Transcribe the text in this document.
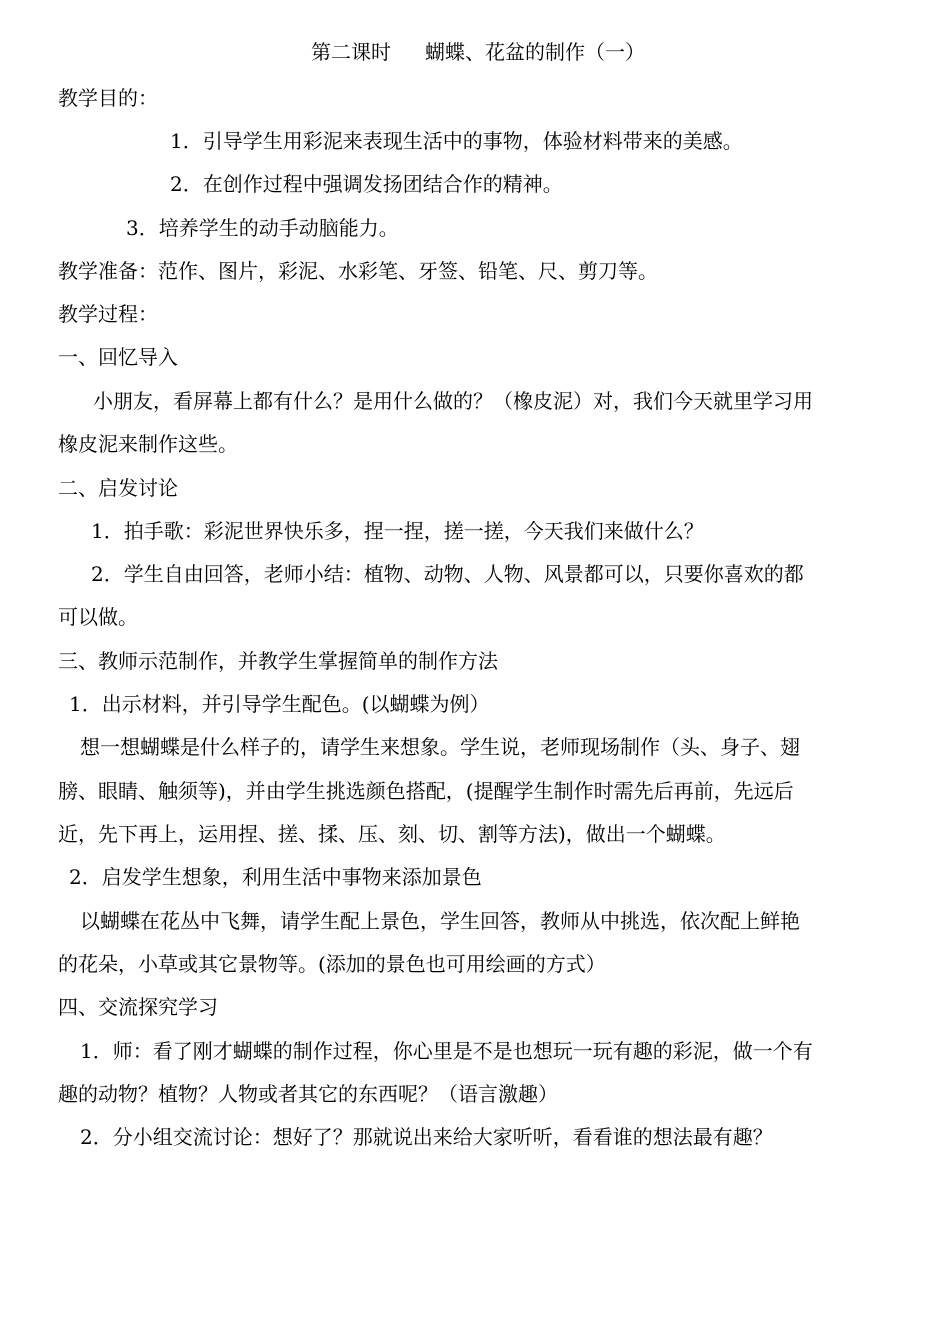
第二课时 蝴蝶、花盆的制作（一）
教学目的：
1．引导学生用彩泥来表现生活中的事物，体验材料带来的美感。
2．在创作过程中强调发扬团结合作的精神。
3．培养学生的动手动脑能力。
教学准备：范作、图片，彩泥、水彩笔、牙签、铅笔、尺、剪刀等。
教学过程：
一、回忆导入
小朋友，看屏幕上都有什么？是用什么做的？（橡皮泥）对，我们今天就里学习用
橡皮泥来制作这些。
二、启发讨论
1．拍手歌：彩泥世界快乐多，捏一捏，搓一搓，今天我们来做什么？
2．学生自由回答，老师小结：植物、动物、人物、风景都可以，只要你喜欢的都
可以做。
三、教师示范制作，并教学生掌握简单的制作方法
1．出示材料，并引导学生配色。(以蝴蝶为例）
想一想蝴蝶是什么样子的，请学生来想象。学生说，老师现场制作（头、身子、翅
膀、眼睛、触须等)，并由学生挑选颜色搭配，(提醒学生制作时需先后再前，先远后
近，先下再上，运用捏、搓、揉、压、刻、切、割等方法)，做出一个蝴蝶。
2．启发学生想象，利用生活中事物来添加景色
以蝴蝶在花丛中飞舞，请学生配上景色，学生回答，教师从中挑选，依次配上鲜艳
的花朵，小草或其它景物等。(添加的景色也可用绘画的方式）
四、交流探究学习
1．师：看了刚才蝴蝶的制作过程，你心里是不是也想玩一玩有趣的彩泥，做一个有
趣的动物？植物？人物或者其它的东西呢？（语言激趣）
2．分小组交流讨论：想好了？那就说出来给大家听听，看看谁的想法最有趣？
